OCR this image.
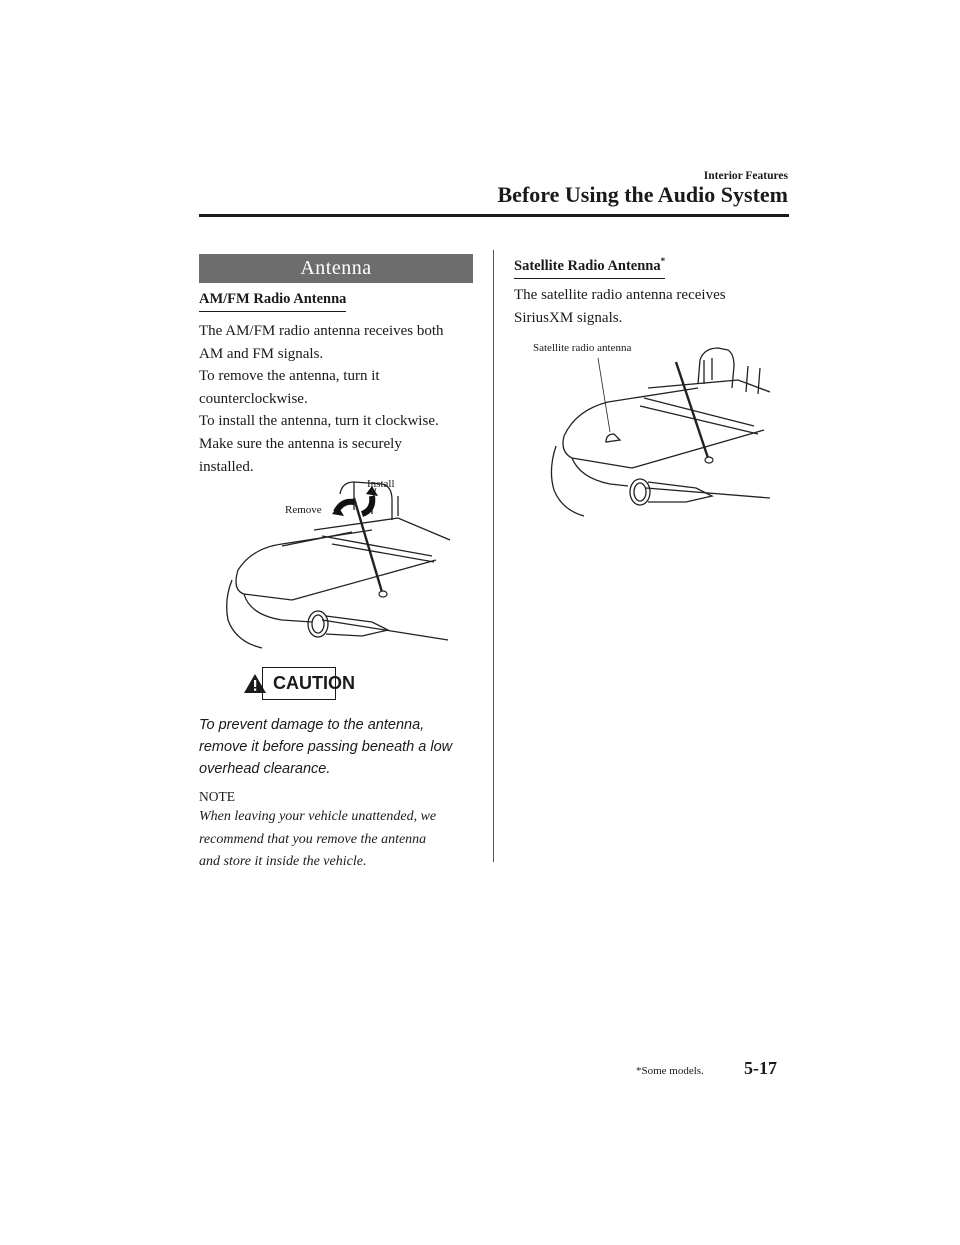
Interior Features
Before Using the Audio System
Antenna
AM/FM Radio Antenna
The AM/FM radio antenna receives both
AM and FM signals.
To remove the antenna, turn it
counterclockwise.
To install the antenna, turn it clockwise.
Make sure the antenna is securely
installed.
Install
Remove
CAUTION
To prevent damage to the antenna,
remove it before passing beneath a low
overhead clearance.
NOTE
When leaving your vehicle unattended, we
recommend that you remove the antenna
and store it inside the vehicle.
Satellite Radio Antenna*
The satellite radio antenna receives
SiriusXM signals.
Satellite radio antenna
*Some models. 5-17
